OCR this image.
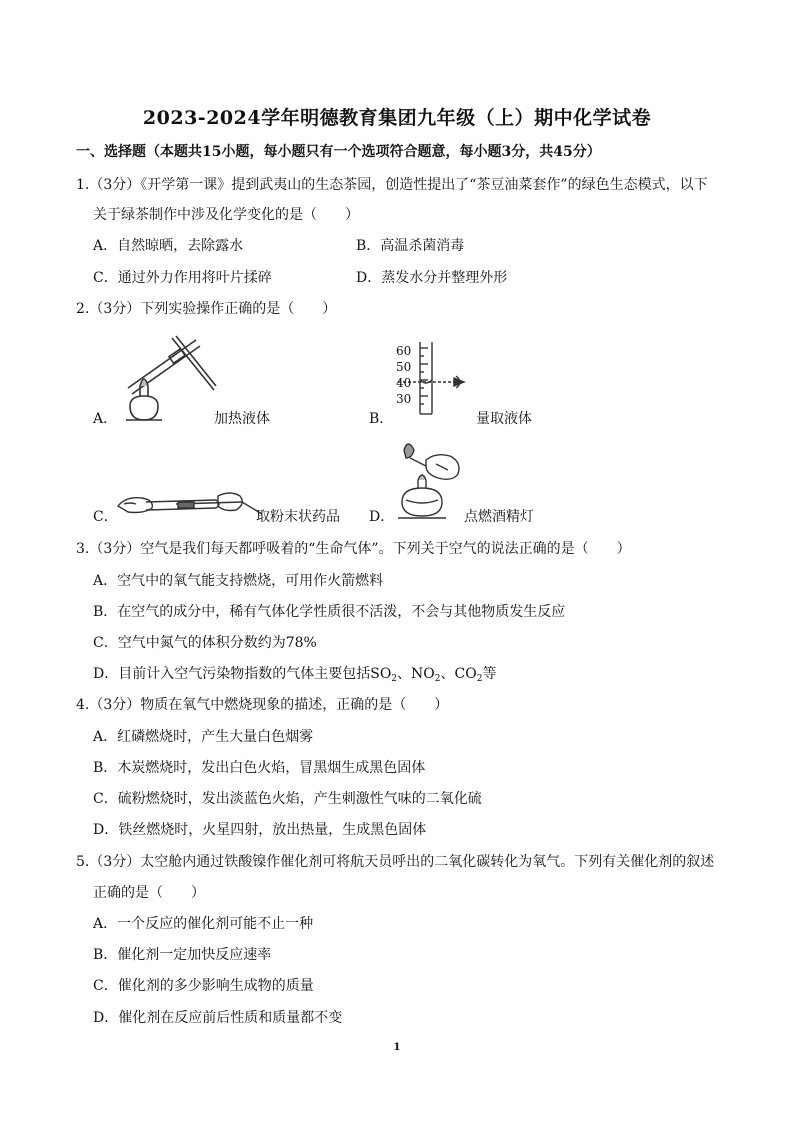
2023-2024学年明德教育集团九年级（上）期中化学试卷
一、选择题（本题共15小题，每小题只有一个选项符合题意，每小题3分，共45分）
1.（3分）《开学第一课》提到武夷山的生态茶园，创造性提出了“茶豆油菜套作”的绿色生态模式，以下
关于绿茶制作中涉及化学变化的是（　　）
A．自然晾晒，去除露水	B．高温杀菌消毒
C．通过外力作用将叶片揉碎	D．蒸发水分并整理外形
2.（3分）下列实验操作正确的是（　　）
A．	加热液体
60
50
40
30
B．	量取液体
C．	取粉末状药品 D．	点燃酒精灯
3.（3分）空气是我们每天都呼吸着的“生命气体”。下列关于空气的说法正确的是（　　）
A．空气中的氧气能支持燃烧，可用作火箭燃料
B．在空气的成分中，稀有气体化学性质很不活泼，不会与其他物质发生反应
C．空气中氮气的体积分数约为78%
D．目前计入空气污染物指数的气体主要包括$SO_2$、$NO_2$、$CO_2$等
4.（3分）物质在氧气中燃烧现象的描述，正确的是（　　）
A．红磷燃烧时，产生大量白色烟雾
B．木炭燃烧时，发出白色火焰，冒黑烟生成黑色固体
C．硫粉燃烧时，发出淡蓝色火焰，产生刺激性气味的二氧化硫
D．铁丝燃烧时，火星四射，放出热量，生成黑色固体
5.（3分）太空舱内通过铁酸镍作催化剂可将航天员呼出的二氧化碳转化为氧气。下列有关催化剂的叙述
正确的是（　　）
A．一个反应的催化剂可能不止一种
B．催化剂一定加快反应速率
C．催化剂的多少影响生成物的质量
D．催化剂在反应前后性质和质量都不变
1
